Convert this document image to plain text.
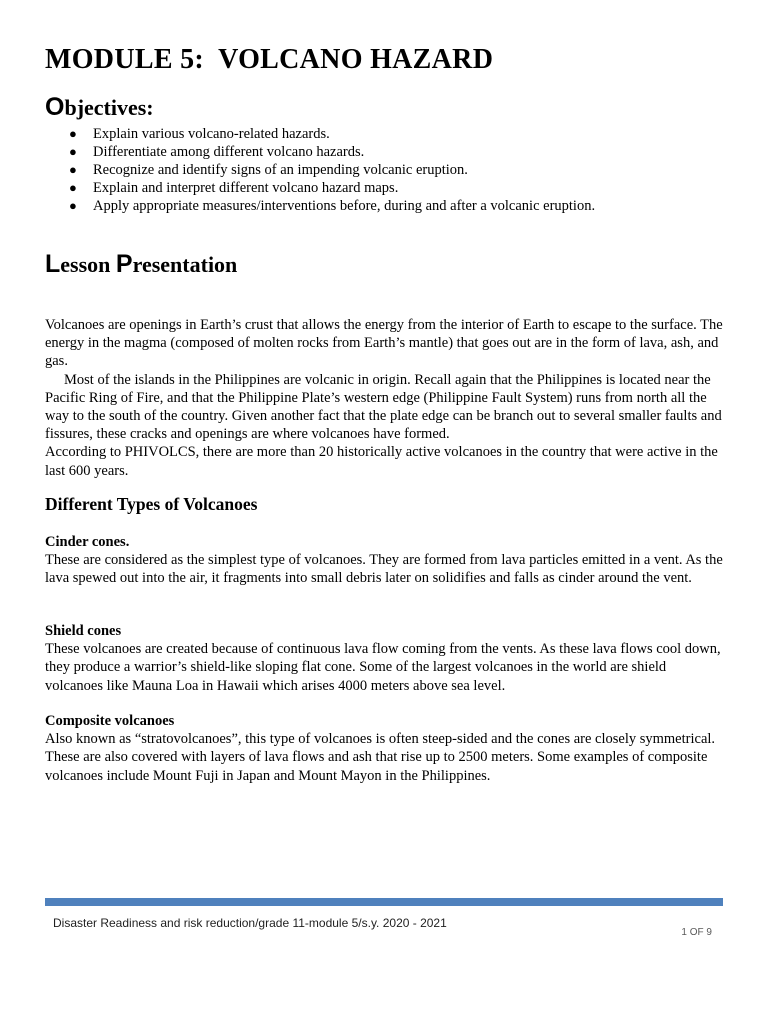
MODULE 5:  VOLCANO HAZARD
Objectives:
● Explain various volcano-related hazards.
● Differentiate among different volcano hazards.
● Recognize and identify signs of an impending volcanic eruption.
● Explain and interpret different volcano hazard maps.
● Apply appropriate measures/interventions before, during and after a volcanic eruption.
Lesson Presentation

Volcanoes are openings in Earth’s crust that allows the energy from the interior of Earth to escape to the surface. The energy in the magma (composed of molten rocks from Earth’s mantle) that goes out are in the form of lava, ash, and gas.

Most of the islands in the Philippines are volcanic in origin. Recall again that the Philippines is located near the Pacific Ring of Fire, and that the Philippine Plate’s western edge (Philippine Fault System) runs from north all the way to the south of the country. Given another fact that the plate edge can be branch out to several smaller faults and fissures, these cracks and openings are where volcanoes have formed.

According to PHIVOLCS, there are more than 20 historically active volcanoes in the country that were active in the last 600 years.

Different Types of Volcanoes
Cinder cones.

These are considered as the simplest type of volcanoes. They are formed from lava particles emitted in a vent. As the lava spewed out into the air, it fragments into small debris later on solidifies and falls as cinder around the vent.

Shield cones

These volcanoes are created because of continuous lava flow coming from the vents. As these lava flows cool down, they produce a warrior’s shield-like sloping flat cone. Some of the largest volcanoes in the world are shield volcanoes like Mauna Loa in Hawaii which arises 4000 meters above sea level.

Composite volcanoes

Also known as “stratovolcanoes”, this type of volcanoes is often steep-sided and the cones are closely symmetrical. These are also covered with layers of lava flows and ash that rise up to 2500 meters. Some examples of composite volcanoes include Mount Fuji in Japan and Mount Mayon in the Philippines.

Disaster Readiness and risk reduction/grade 11-module 5/s.y. 2020 - 2021
1 OF 9
